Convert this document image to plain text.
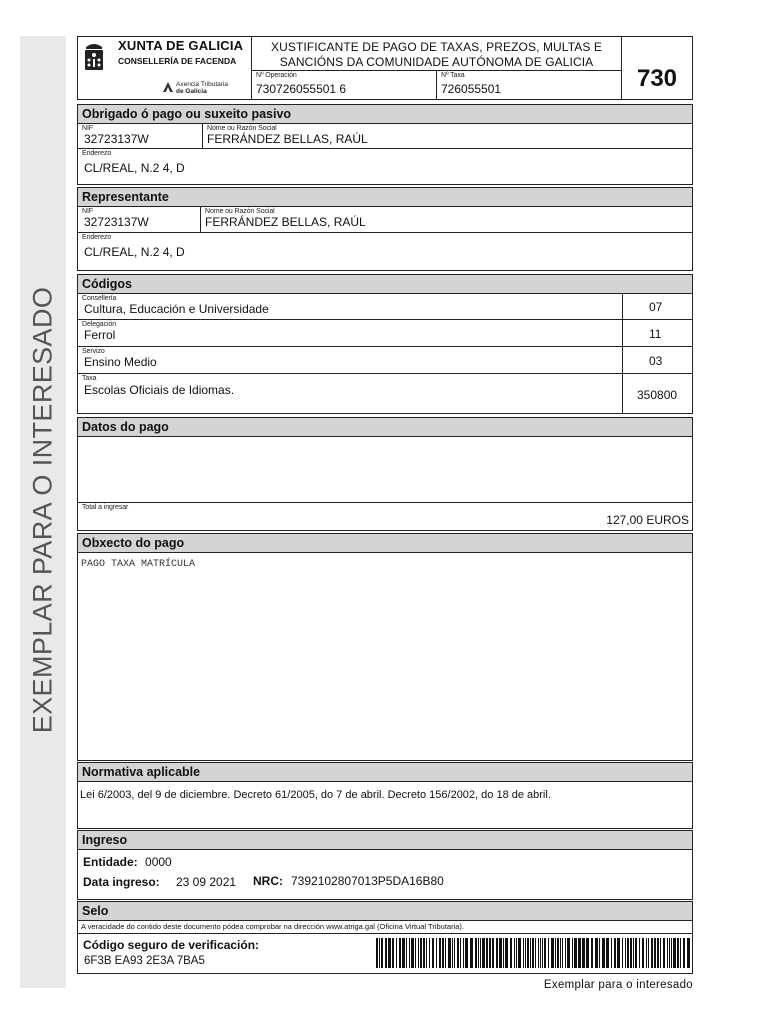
EXEMPLAR PARA O INTERESADO
XUNTA DE GALICIA
CONSELLERÍA DE FACENDA
Axencia Tributaria
de Galicia
XUSTIFICANTE DE PAGO DE TAXAS, PREZOS, MULTAS E
SANCIÓNS DA COMUNIDADE AUTÓNOMA DE GALICIA
Nº Operación
730726055501 6
Nº Taxa
726055501	730
Obrigado ó pago ou suxeito pasivo
NIF
32723137W
Nome ou Razón Social
FERRÁNDEZ BELLAS, RAÚL
Enderezo
CL/REAL, N.2 4, D
Representante
NIF
32723137W
Nome ou Razón Social
FERRÁNDEZ BELLAS, RAÚL
Enderezo
CL/REAL, N.2 4, D
Códigos
Consellería
Cultura, Educación e Universidade	07
Delegación
Ferrol	11
Servizo
Ensino Medio	03
Taxa
Escolas Oficiais de Idiomas.	350800
Datos do pago
Total a ingresar
127,00 EUROS
Obxecto do pago
PAGO TAXA MATRÍCULA
Normativa aplicable
Lei 6/2003, del 9 de diciembre. Decreto 61/2005, do 7 de abril. Decreto 156/2002, do 18 de abril.
Ingreso
Entidade: 0000
Data ingreso: 23 09 2021 NRC: 7392102807013P5DA16B80
Selo
A veracidade do contido deste documento pódea comprobar na dirección www.atriga.gal (Oficina Virtual Tributaria).
Código seguro de verificación:
6F3B EA93 2E3A 7BA5
Exemplar para o interesado
